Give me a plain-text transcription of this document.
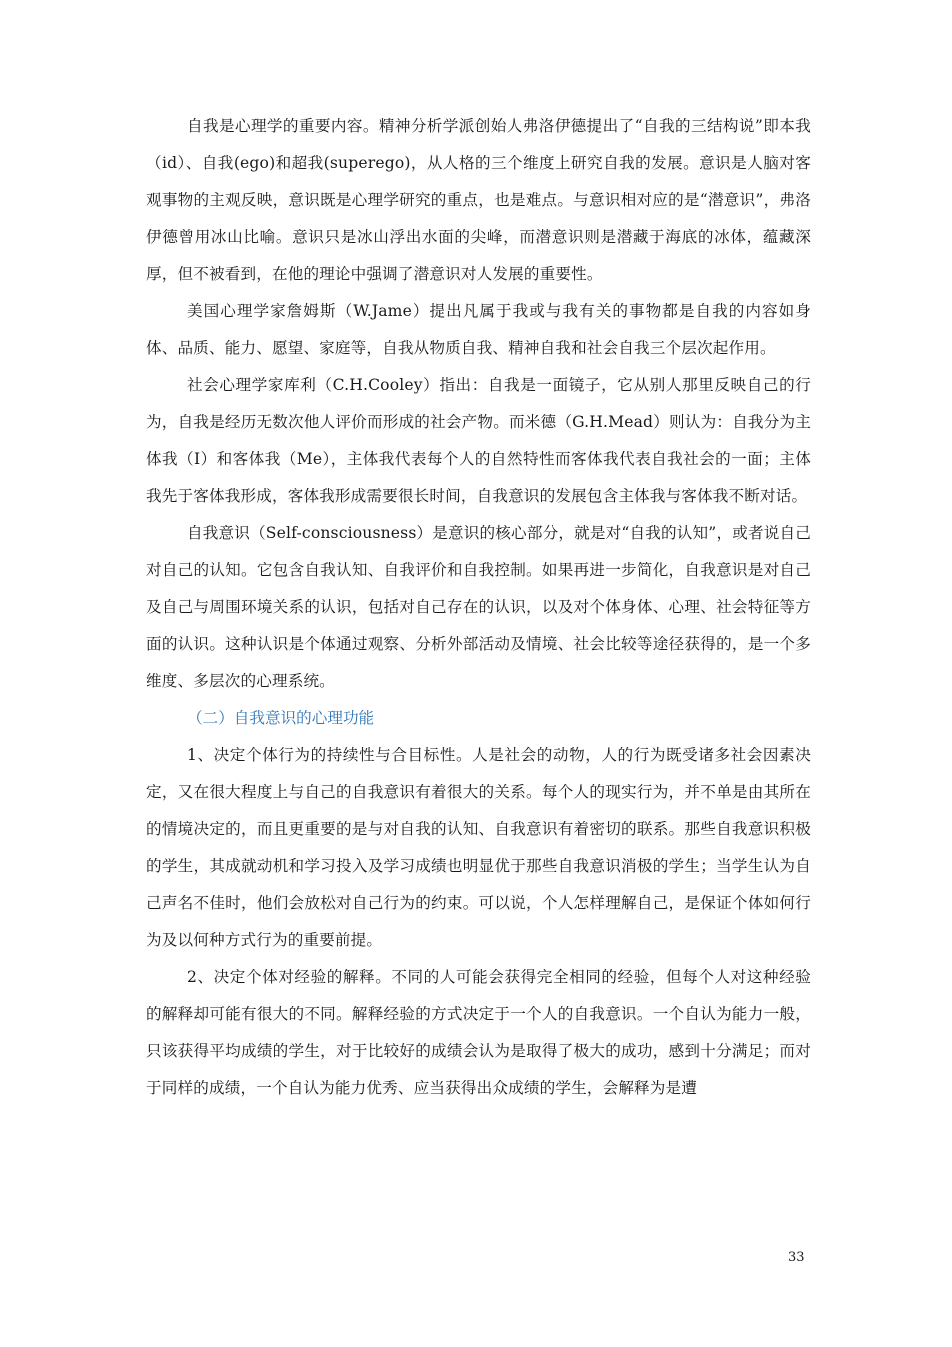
自我是心理学的重要内容。精神分析学派创始人弗洛伊德提出了“自我的三结构说”即本我（id）、自我(ego)和超我(superego)，从人格的三个维度上研究自我的发展。意识是人脑对客观事物的主观反映，意识既是心理学研究的重点，也是难点。与意识相对应的是“潜意识”，弗洛伊德曾用冰山比喻。意识只是冰山浮出水面的尖峰，而潜意识则是潜藏于海底的冰体，蕴藏深厚，但不被看到，在他的理论中强调了潜意识对人发展的重要性。

美国心理学家詹姆斯（W.Jame）提出凡属于我或与我有关的事物都是自我的内容如身体、品质、能力、愿望、家庭等，自我从物质自我、精神自我和社会自我三个层次起作用。

社会心理学家库利（C.H.Cooley）指出：自我是一面镜子，它从别人那里反映自己的行为，自我是经历无数次他人评价而形成的社会产物。而米德（G.H.Mead）则认为：自我分为主体我（I）和客体我（Me），主体我代表每个人的自然特性而客体我代表自我社会的一面；主体我先于客体我形成，客体我形成需要很长时间，自我意识的发展包含主体我与客体我不断对话。

自我意识（Self-consciousness）是意识的核心部分，就是对“自我的认知”，或者说自己对自己的认知。它包含自我认知、自我评价和自我控制。如果再进一步简化，自我意识是对自己及自己与周围环境关系的认识，包括对自己存在的认识，以及对个体身体、心理、社会特征等方面的认识。这种认识是个体通过观察、分析外部活动及情境、社会比较等途径获得的，是一个多维度、多层次的心理系统。

（二）自我意识的心理功能

1、决定个体行为的持续性与合目标性。人是社会的动物，人的行为既受诸多社会因素决定，又在很大程度上与自己的自我意识有着很大的关系。每个人的现实行为，并不单是由其所在的情境决定的，而且更重要的是与对自我的认知、自我意识有着密切的联系。那些自我意识积极的学生，其成就动机和学习投入及学习成绩也明显优于那些自我意识消极的学生；当学生认为自己声名不佳时，他们会放松对自己行为的约束。可以说，个人怎样理解自己，是保证个体如何行为及以何种方式行为的重要前提。

2、决定个体对经验的解释。不同的人可能会获得完全相同的经验，但每个人对这种经验的解释却可能有很大的不同。解释经验的方式决定于一个人的自我意识。一个自认为能力一般，只该获得平均成绩的学生，对于比较好的成绩会认为是取得了极大的成功，感到十分满足；而对于同样的成绩，一个自认为能力优秀、应当获得出众成绩的学生，会解释为是遭

33
